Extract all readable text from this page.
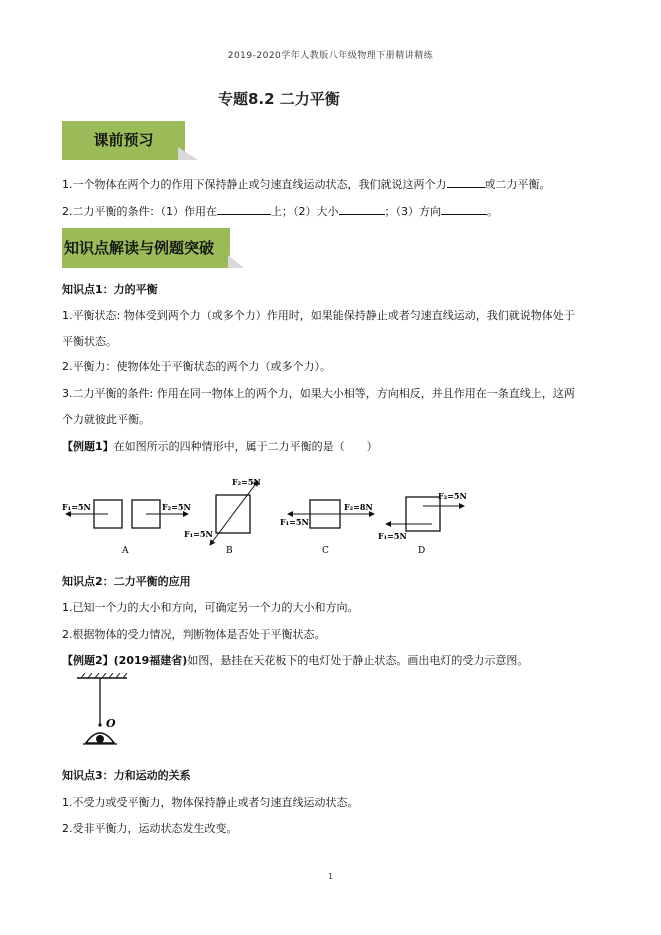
2019-2020学年人教版八年级物理下册精讲精练
专题8.2 二力平衡
课前预习
1.一个物体在两个力的作用下保持静止或匀速直线运动状态，我们就说这两个力	或二力平衡。
2.二力平衡的条件：（1）作用在	上；（2）大小	；（3）方向	。
知识点解读与例题突破
知识点1：力的平衡
1.平衡状态: 物体受到两个力（或多个力）作用时，如果能保持静止或者匀速直线运动，我们就说物体处于
平衡状态。
2.平衡力：使物体处于平衡状态的两个力（或多个力）。
3.二力平衡的条件: 作用在同一物体上的两个力，如果大小相等，方向相反，并且作用在一条直线上，这两
个力就彼此平衡。
【例题1】在如图所示的四种情形中，属于二力平衡的是（　　）
F₁=5N	F₂=5N
A
F₂=5N
F₁=5N
B
F₁=5N
F₂=8N
C
F₂=5N
F₁=5N
D
知识点2：二力平衡的应用
1.已知一个力的大小和方向，可确定另一个力的大小和方向。
2.根据物体的受力情况，判断物体是否处于平衡状态。
【例题2】(2019福建省)如图，悬挂在天花板下的电灯处于静止状态。画出电灯的受力示意图。
O
知识点3：力和运动的关系
1.不受力或受平衡力，物体保持静止或者匀速直线运动状态。
2.受非平衡力，运动状态发生改变。
1
